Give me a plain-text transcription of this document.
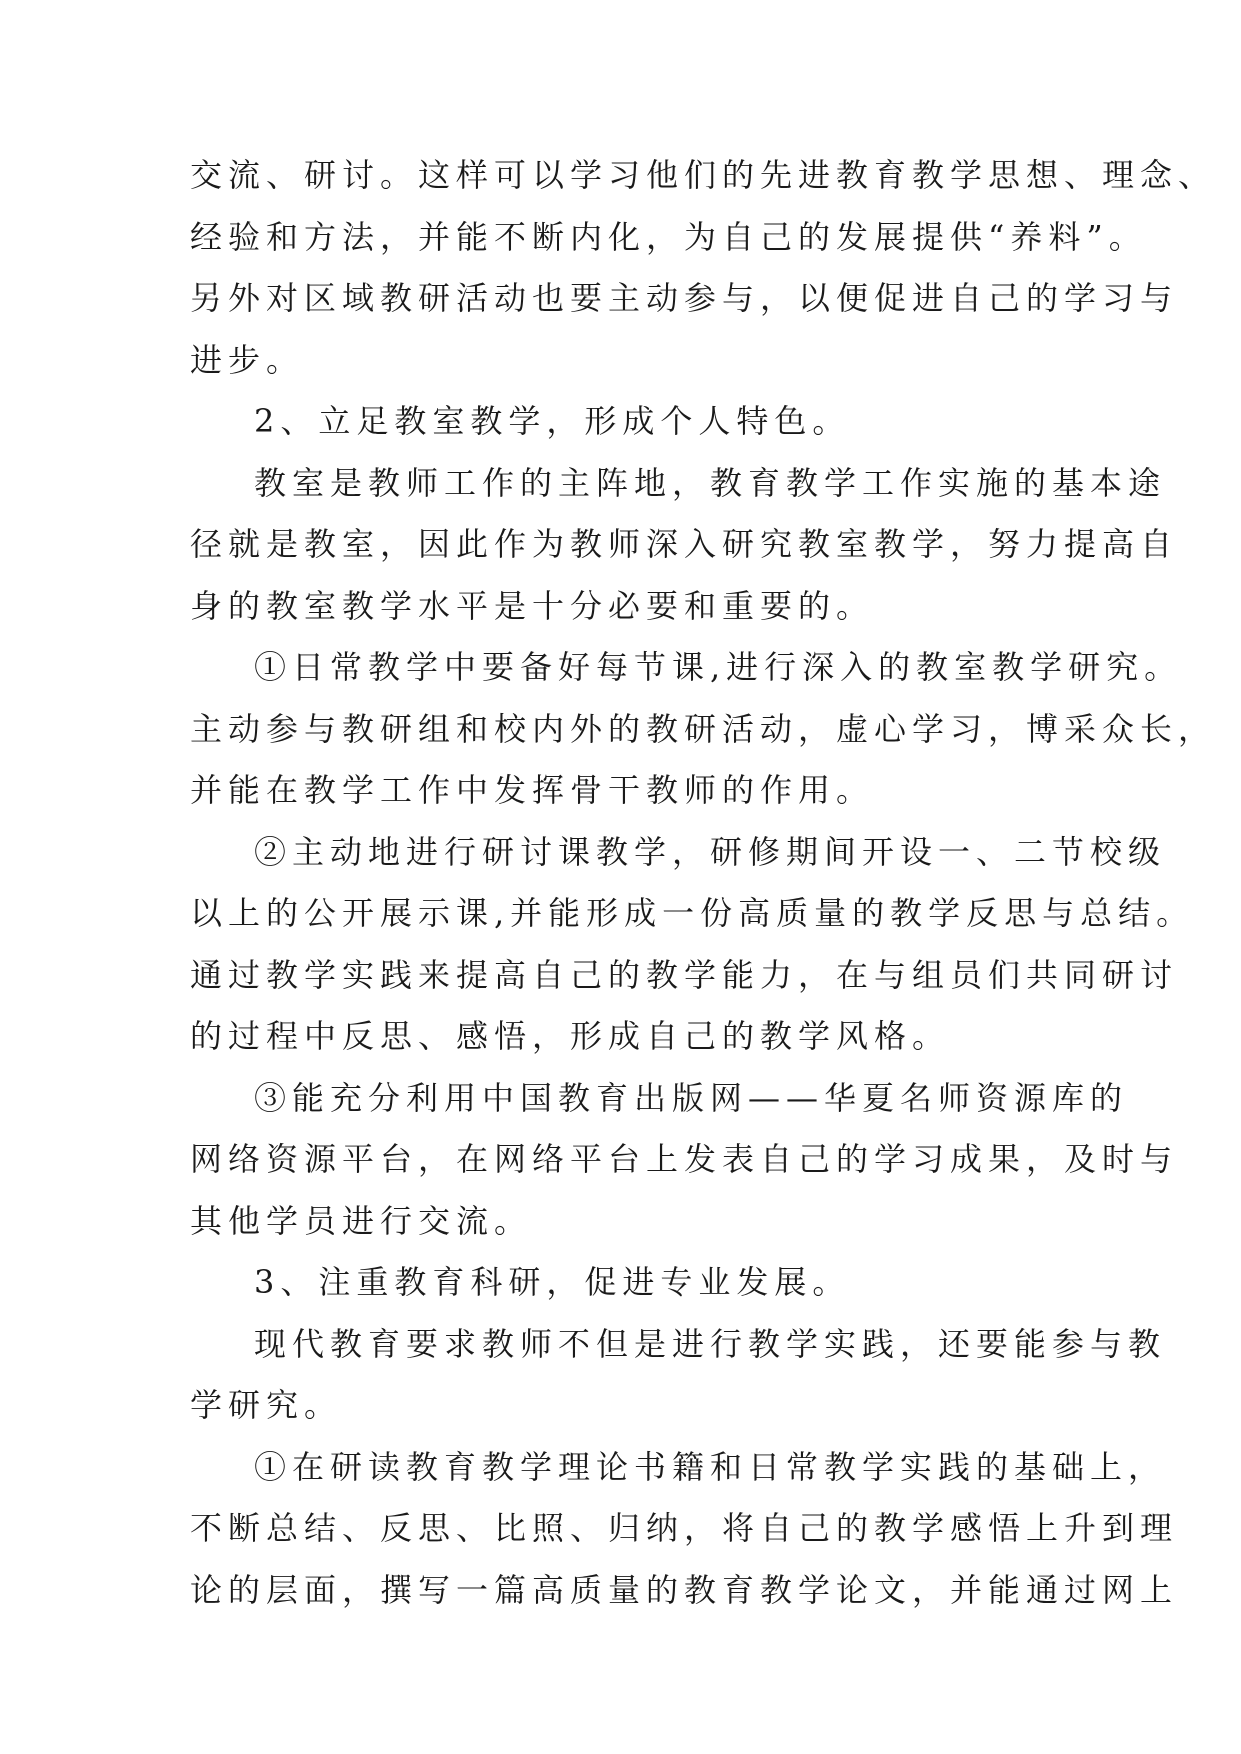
交流、研讨。这样可以学习他们的先进教育教学思想、理念、
经验和方法，并能不断内化，为自己的发展提供“养料”。
另外对区域教研活动也要主动参与，以便促进自己的学习与
进步。
2、立足教室教学，形成个人特色。
教室是教师工作的主阵地，教育教学工作实施的基本途
径就是教室，因此作为教师深入研究教室教学，努力提高自
身的教室教学水平是十分必要和重要的。
①日常教学中要备好每节课,进行深入的教室教学研究。
主动参与教研组和校内外的教研活动，虚心学习，博采众长，
并能在教学工作中发挥骨干教师的作用。
②主动地进行研讨课教学，研修期间开设一、二节校级
以上的公开展示课,并能形成一份高质量的教学反思与总结。
通过教学实践来提高自己的教学能力，在与组员们共同研讨
的过程中反思、感悟，形成自己的教学风格。
③能充分利用中国教育出版网——华夏名师资源库的
网络资源平台，在网络平台上发表自己的学习成果，及时与
其他学员进行交流。
3、注重教育科研，促进专业发展。
现代教育要求教师不但是进行教学实践，还要能参与教
学研究。
①在研读教育教学理论书籍和日常教学实践的基础上，
不断总结、反思、比照、归纳，将自己的教学感悟上升到理
论的层面，撰写一篇高质量的教育教学论文，并能通过网上
